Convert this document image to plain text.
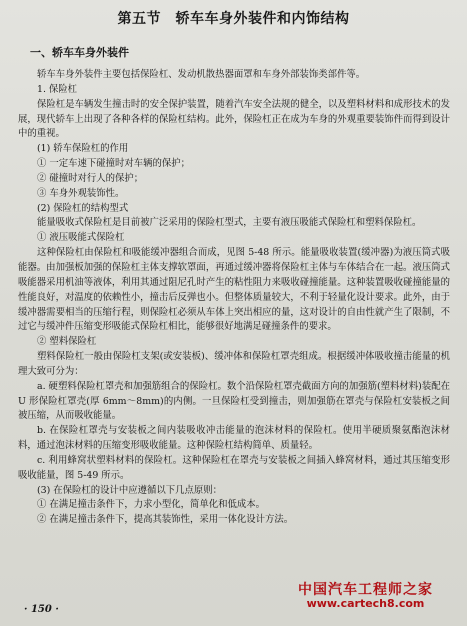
第五节　轿车车身外装件和内饰结构
一、轿车车身外装件

轿车车身外装件主要包括保险杠、发动机散热器面罩和车身外部装饰类部件等。

1. 保险杠

保险杠是车辆发生撞击时的安全保护装置，随着汽车安全法规的健全，以及塑料材料和成形技术的发展，现代轿车上出现了各种各样的保险杠结构。此外，保险杠正在成为车身的外观重要装饰件而得到设计中的重视。

(1) 轿车保险杠的作用

① 一定车速下碰撞时对车辆的保护；

② 碰撞时对行人的保护；

③ 车身外观装饰性。

(2) 保险杠的结构型式

能量吸收式保险杠是目前被广泛采用的保险杠型式，主要有液压吸能式保险杠和塑料保险杠。

① 液压吸能式保险杠

这种保险杠由保险杠和吸能缓冲器组合而成，见图 5-48 所示。能量吸收装置(缓冲器)为液压筒式吸能器。由加强板加强的保险杠主体支撑软罩面，再通过缓冲器将保险杠主体与车体结合在一起。液压筒式吸能器采用机油等液体，利用其通过阻尼孔时产生的粘性阻力来吸收碰撞能量。这种装置吸收碰撞能量的性能良好，对温度的依赖性小，撞击后反弹也小。但整体质量较大，不利于轻量化设计要求。此外，由于缓冲器需要相当的压缩行程，则保险杠必须从车体上突出相应的量，这对设计的自由性就产生了限制，不过它与缓冲件压缩变形吸能式保险杠相比，能够很好地满足碰撞条件的要求。

② 塑料保险杠

塑料保险杠一般由保险杠支架(或安装板)、缓冲体和保险杠罩壳组成。根据缓冲体吸收撞击能量的机理大致可分为：

a. 硬塑料保险杠罩壳和加强筋组合的保险杠。数个沿保险杠罩壳截面方向的加强筋(塑料材料)装配在 U 形保险杠罩壳(厚 6mm～8mm)的内侧。一旦保险杠受到撞击，则加强筋在罩壳与保险杠安装板之间被压缩，从而吸收能量。

b. 在保险杠罩壳与安装板之间内装吸收冲击能量的泡沫材料的保险杠。使用半硬质聚氨酯泡沫材料，通过泡沫材料的压缩变形吸收能量。这种保险杠结构简单、质量轻。

c. 利用蜂窝状塑料材料的保险杠。这种保险杠在罩壳与安装板之间插入蜂窝材料，通过其压缩变形吸收能量，图 5-49 所示。

(3) 在保险杠的设计中应遵循以下几点原则：

① 在满足撞击条件下，力求小型化，简单化和低成本。

② 在满足撞击条件下，提高其装饰性，采用一体化设计方法。

· 150 ·
中国汽车工程师之家
www.cartech8.com
